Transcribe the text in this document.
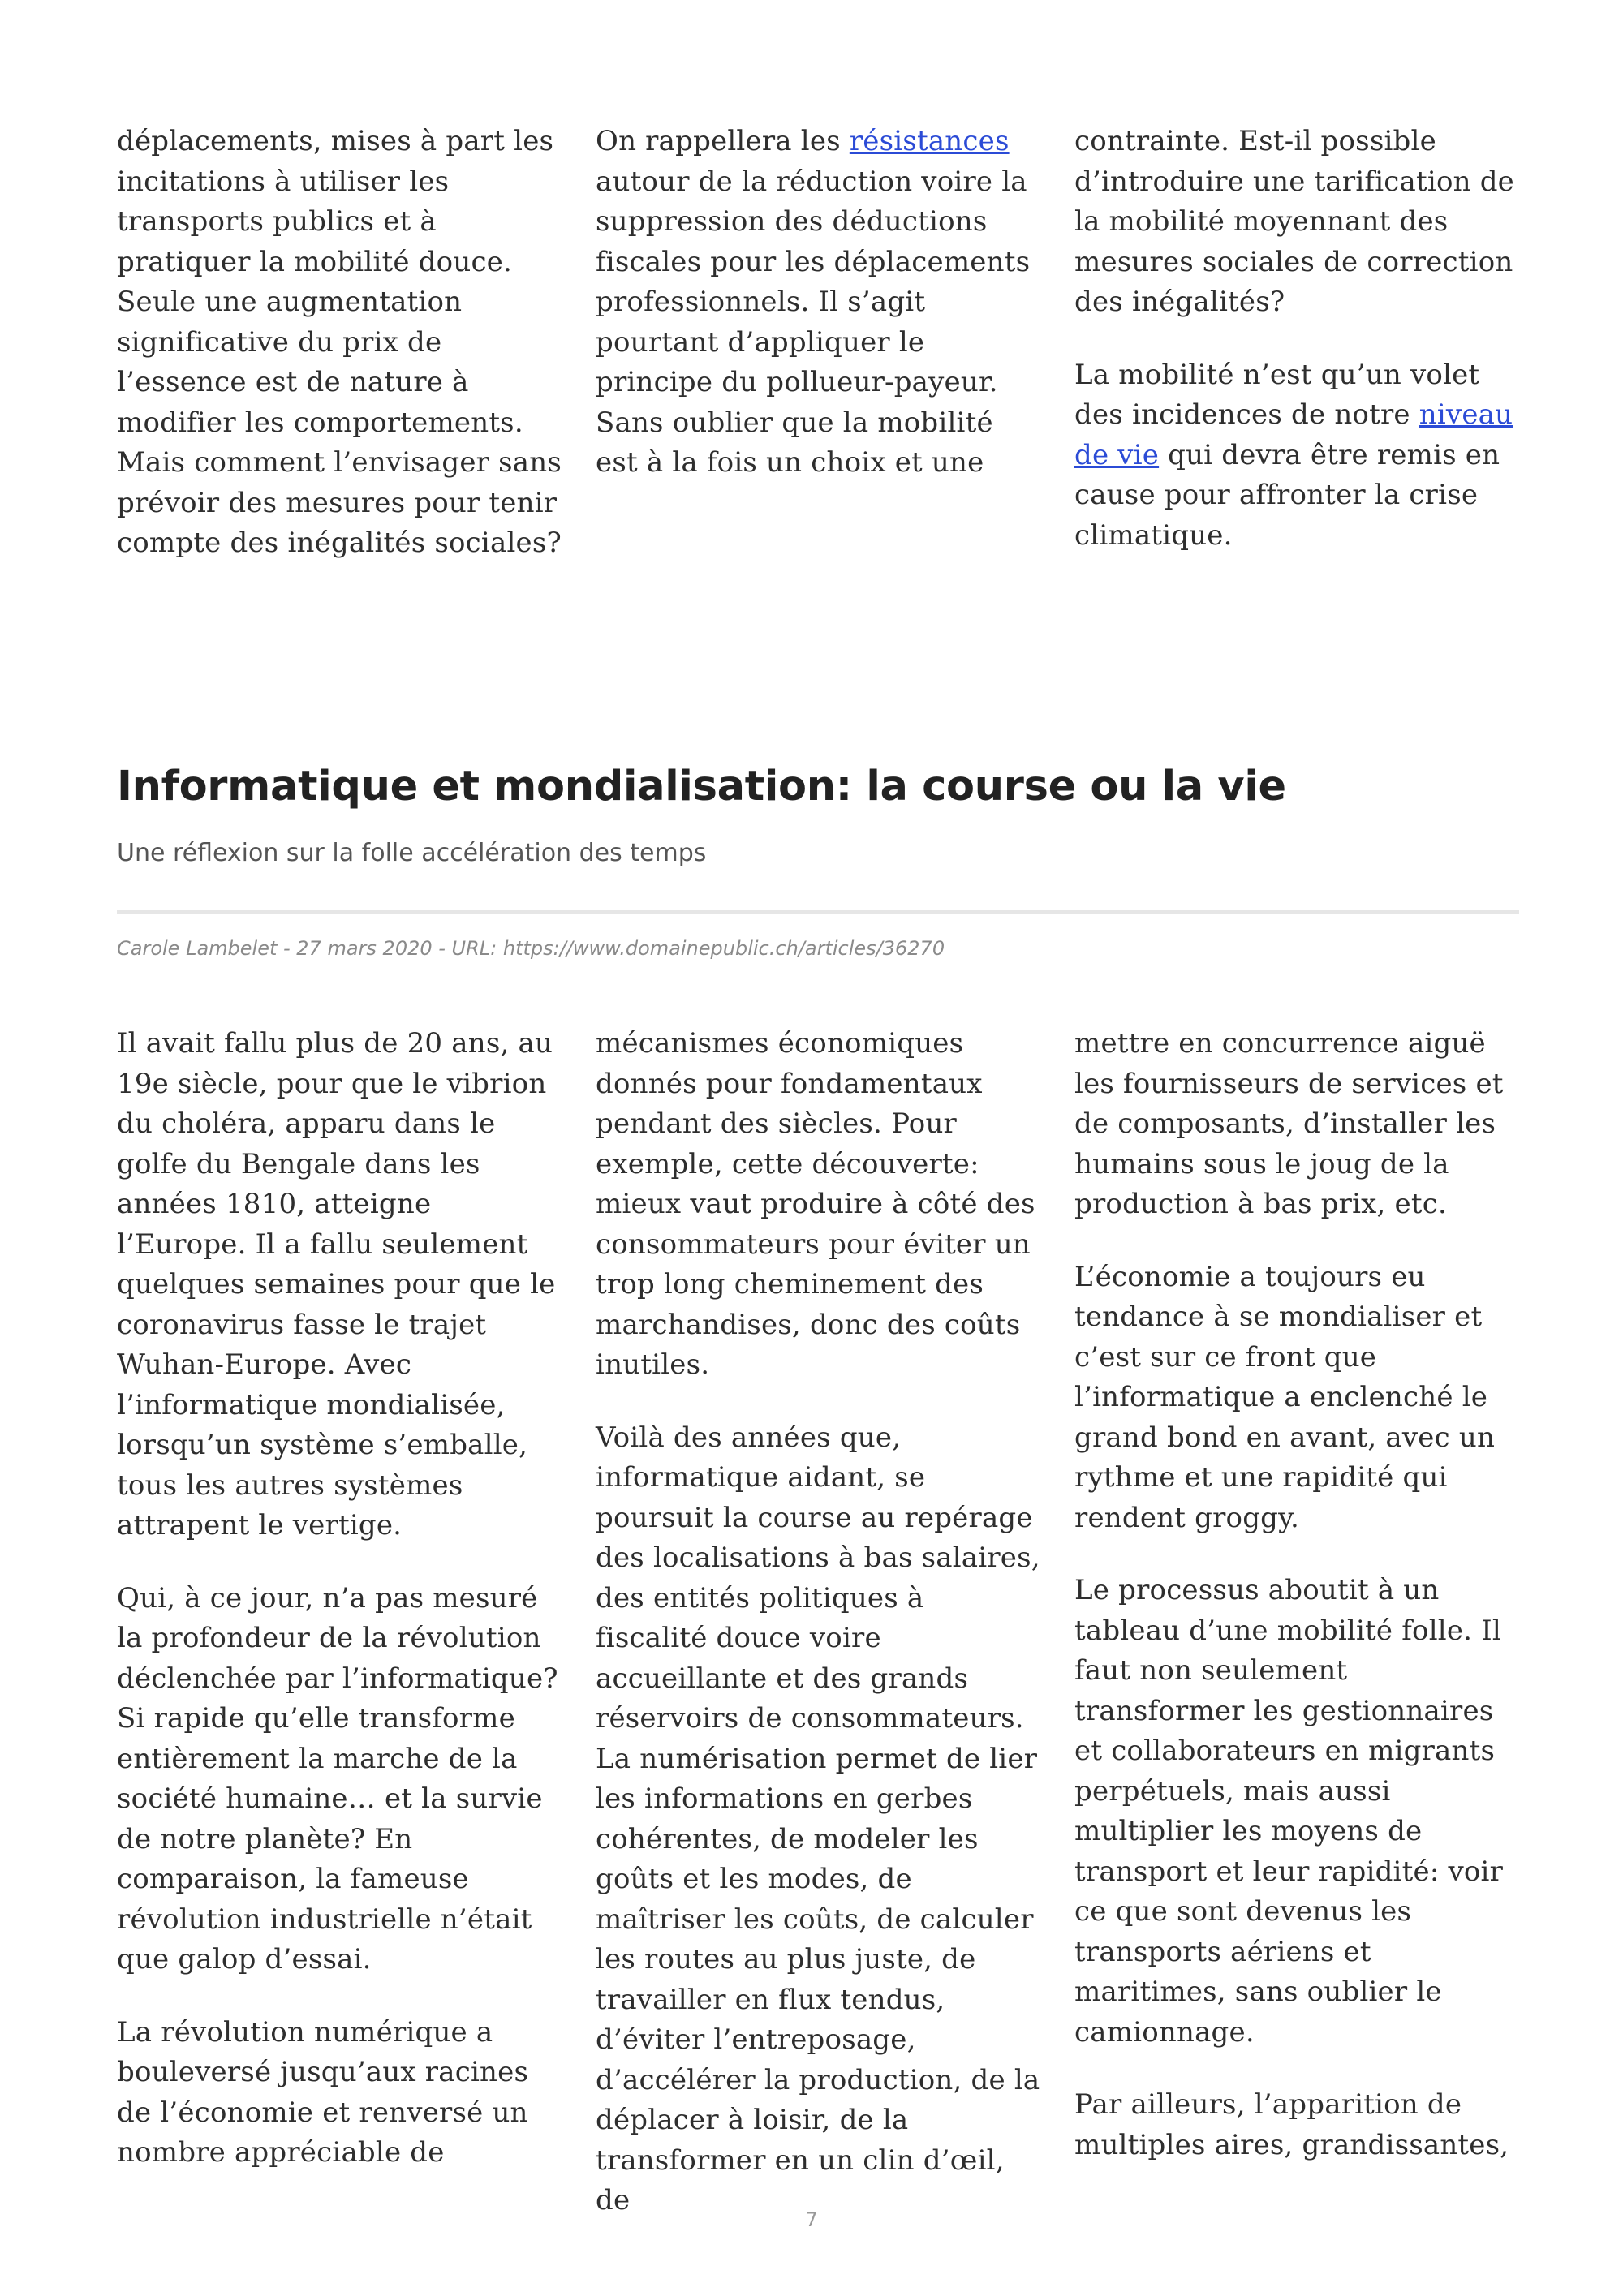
déplacements, mises à part les incitations à utiliser les transports publics et à pratiquer la mobilité douce. Seule une augmentation significative du prix de l’essence est de nature à modifier les comportements. Mais comment l’envisager sans prévoir des mesures pour tenir compte des inégalités sociales?

On rappellera les résistances autour de la réduction voire la suppression des déductions fiscales pour les déplacements professionnels. Il s’agit pourtant d’appliquer le principe du pollueur-payeur. Sans oublier que la mobilité est à la fois un choix et une

contrainte. Est-il possible d’introduire une tarification de la mobilité moyennant des mesures sociales de correction des inégalités?

La mobilité n’est qu’un volet des incidences de notre niveau de vie qui devra être remis en cause pour affronter la crise climatique.

Informatique et mondialisation: la course ou la vie
Une réflexion sur la folle accélération des temps
Carole Lambelet - 27 mars 2020 - URL: https://www.domainepublic.ch/articles/36270

Il avait fallu plus de 20 ans, au 19e siècle, pour que le vibrion du choléra, apparu dans le golfe du Bengale dans les années 1810, atteigne l’Europe. Il a fallu seulement quelques semaines pour que le coronavirus fasse le trajet Wuhan-Europe. Avec l’informatique mondialisée, lorsqu’un système s’emballe, tous les autres systèmes attrapent le vertige.

Qui, à ce jour, n’a pas mesuré la profondeur de la révolution déclenchée par l’informatique? Si rapide qu’elle transforme entièrement la marche de la société humaine… et la survie de notre planète? En comparaison, la fameuse révolution industrielle n’était que galop d’essai.

La révolution numérique a bouleversé jusqu’aux racines de l’économie et renversé un nombre appréciable de

mécanismes économiques donnés pour fondamentaux pendant des siècles. Pour exemple, cette découverte: mieux vaut produire à côté des consommateurs pour éviter un trop long cheminement des marchandises, donc des coûts inutiles.

Voilà des années que, informatique aidant, se poursuit la course au repérage des localisations à bas salaires, des entités politiques à fiscalité douce voire accueillante et des grands réservoirs de consommateurs. La numérisation permet de lier les informations en gerbes cohérentes, de modeler les goûts et les modes, de maîtriser les coûts, de calculer les routes au plus juste, de travailler en flux tendus, d’éviter l’entreposage, d’accélérer la production, de la déplacer à loisir, de la transformer en un clin d’œil, de

mettre en concurrence aiguë les fournisseurs de services et de composants, d’installer les humains sous le joug de la production à bas prix, etc.

L’économie a toujours eu tendance à se mondialiser et c’est sur ce front que l’informatique a enclenché le grand bond en avant, avec un rythme et une rapidité qui rendent groggy.

Le processus aboutit à un tableau d’une mobilité folle. Il faut non seulement transformer les gestionnaires et collaborateurs en migrants perpétuels, mais aussi multiplier les moyens de transport et leur rapidité: voir ce que sont devenus les transports aériens et maritimes, sans oublier le camionnage.

Par ailleurs, l’apparition de multiples aires, grandissantes,

7
